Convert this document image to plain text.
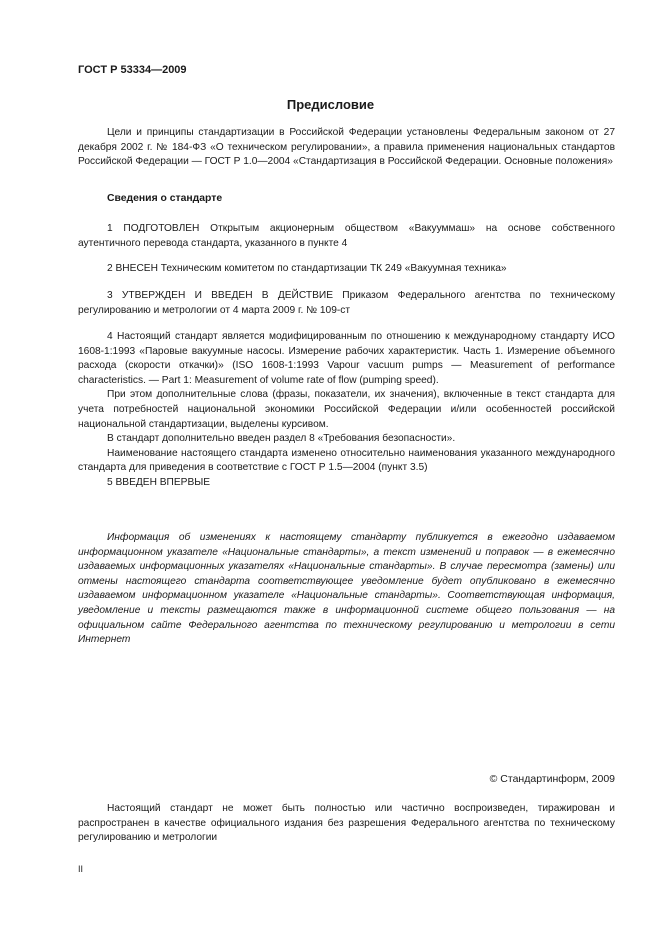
ГОСТ Р 53334—2009
Предисловие

Цели и принципы стандартизации в Российской Федерации установлены Федеральным законом от 27 декабря 2002 г. № 184-ФЗ «О техническом регулировании», а правила применения национальных стандартов Российской Федерации — ГОСТ Р 1.0—2004 «Стандартизация в Российской Федерации. Основные положения»

Сведения о стандарте

1 ПОДГОТОВЛЕН Открытым акционерным обществом «Вакууммаш» на основе собственного аутентичного перевода стандарта, указанного в пункте 4

2 ВНЕСЕН Техническим комитетом по стандартизации ТК 249 «Вакуумная техника»

3 УТВЕРЖДЕН И ВВЕДЕН В ДЕЙСТВИЕ Приказом Федерального агентства по техническому регулированию и метрологии от 4 марта 2009 г. № 109-ст

4 Настоящий стандарт является модифицированным по отношению к международному стандарту ИСО 1608-1:1993 «Паровые вакуумные насосы. Измерение рабочих характеристик. Часть 1. Измерение объемного расхода (скорости откачки)» (ISO 1608-1:1993 Vapour vacuum pumps — Measurement of performance characteristics. — Part 1: Measurement of volume rate of flow (pumping speed).

При этом дополнительные слова (фразы, показатели, их значения), включенные в текст стандарта для учета потребностей национальной экономики Российской Федерации и/или особенностей российской национальной стандартизации, выделены курсивом.

В стандарт дополнительно введен раздел 8 «Требования безопасности».

Наименование настоящего стандарта изменено относительно наименования указанного международного стандарта для приведения в соответствие с ГОСТ Р 1.5—2004 (пункт 3.5)

5 ВВЕДЕН ВПЕРВЫЕ

Информация об изменениях к настоящему стандарту публикуется в ежегодно издаваемом информационном указателе «Национальные стандарты», а текст изменений и поправок — в ежемесячно издаваемых информационных указателях «Национальные стандарты». В случае пересмотра (замены) или отмены настоящего стандарта соответствующее уведомление будет опубликовано в ежемесячно издаваемом информационном указателе «Национальные стандарты». Соответствующая информация, уведомление и тексты размещаются также в информационной системе общего пользования — на официальном сайте Федерального агентства по техническому регулированию и метрологии в сети Интернет

© Стандартинформ, 2009

Настоящий стандарт не может быть полностью или частично воспроизведен, тиражирован и распространен в качестве официального издания без разрешения Федерального агентства по техническому регулированию и метрологии

II
